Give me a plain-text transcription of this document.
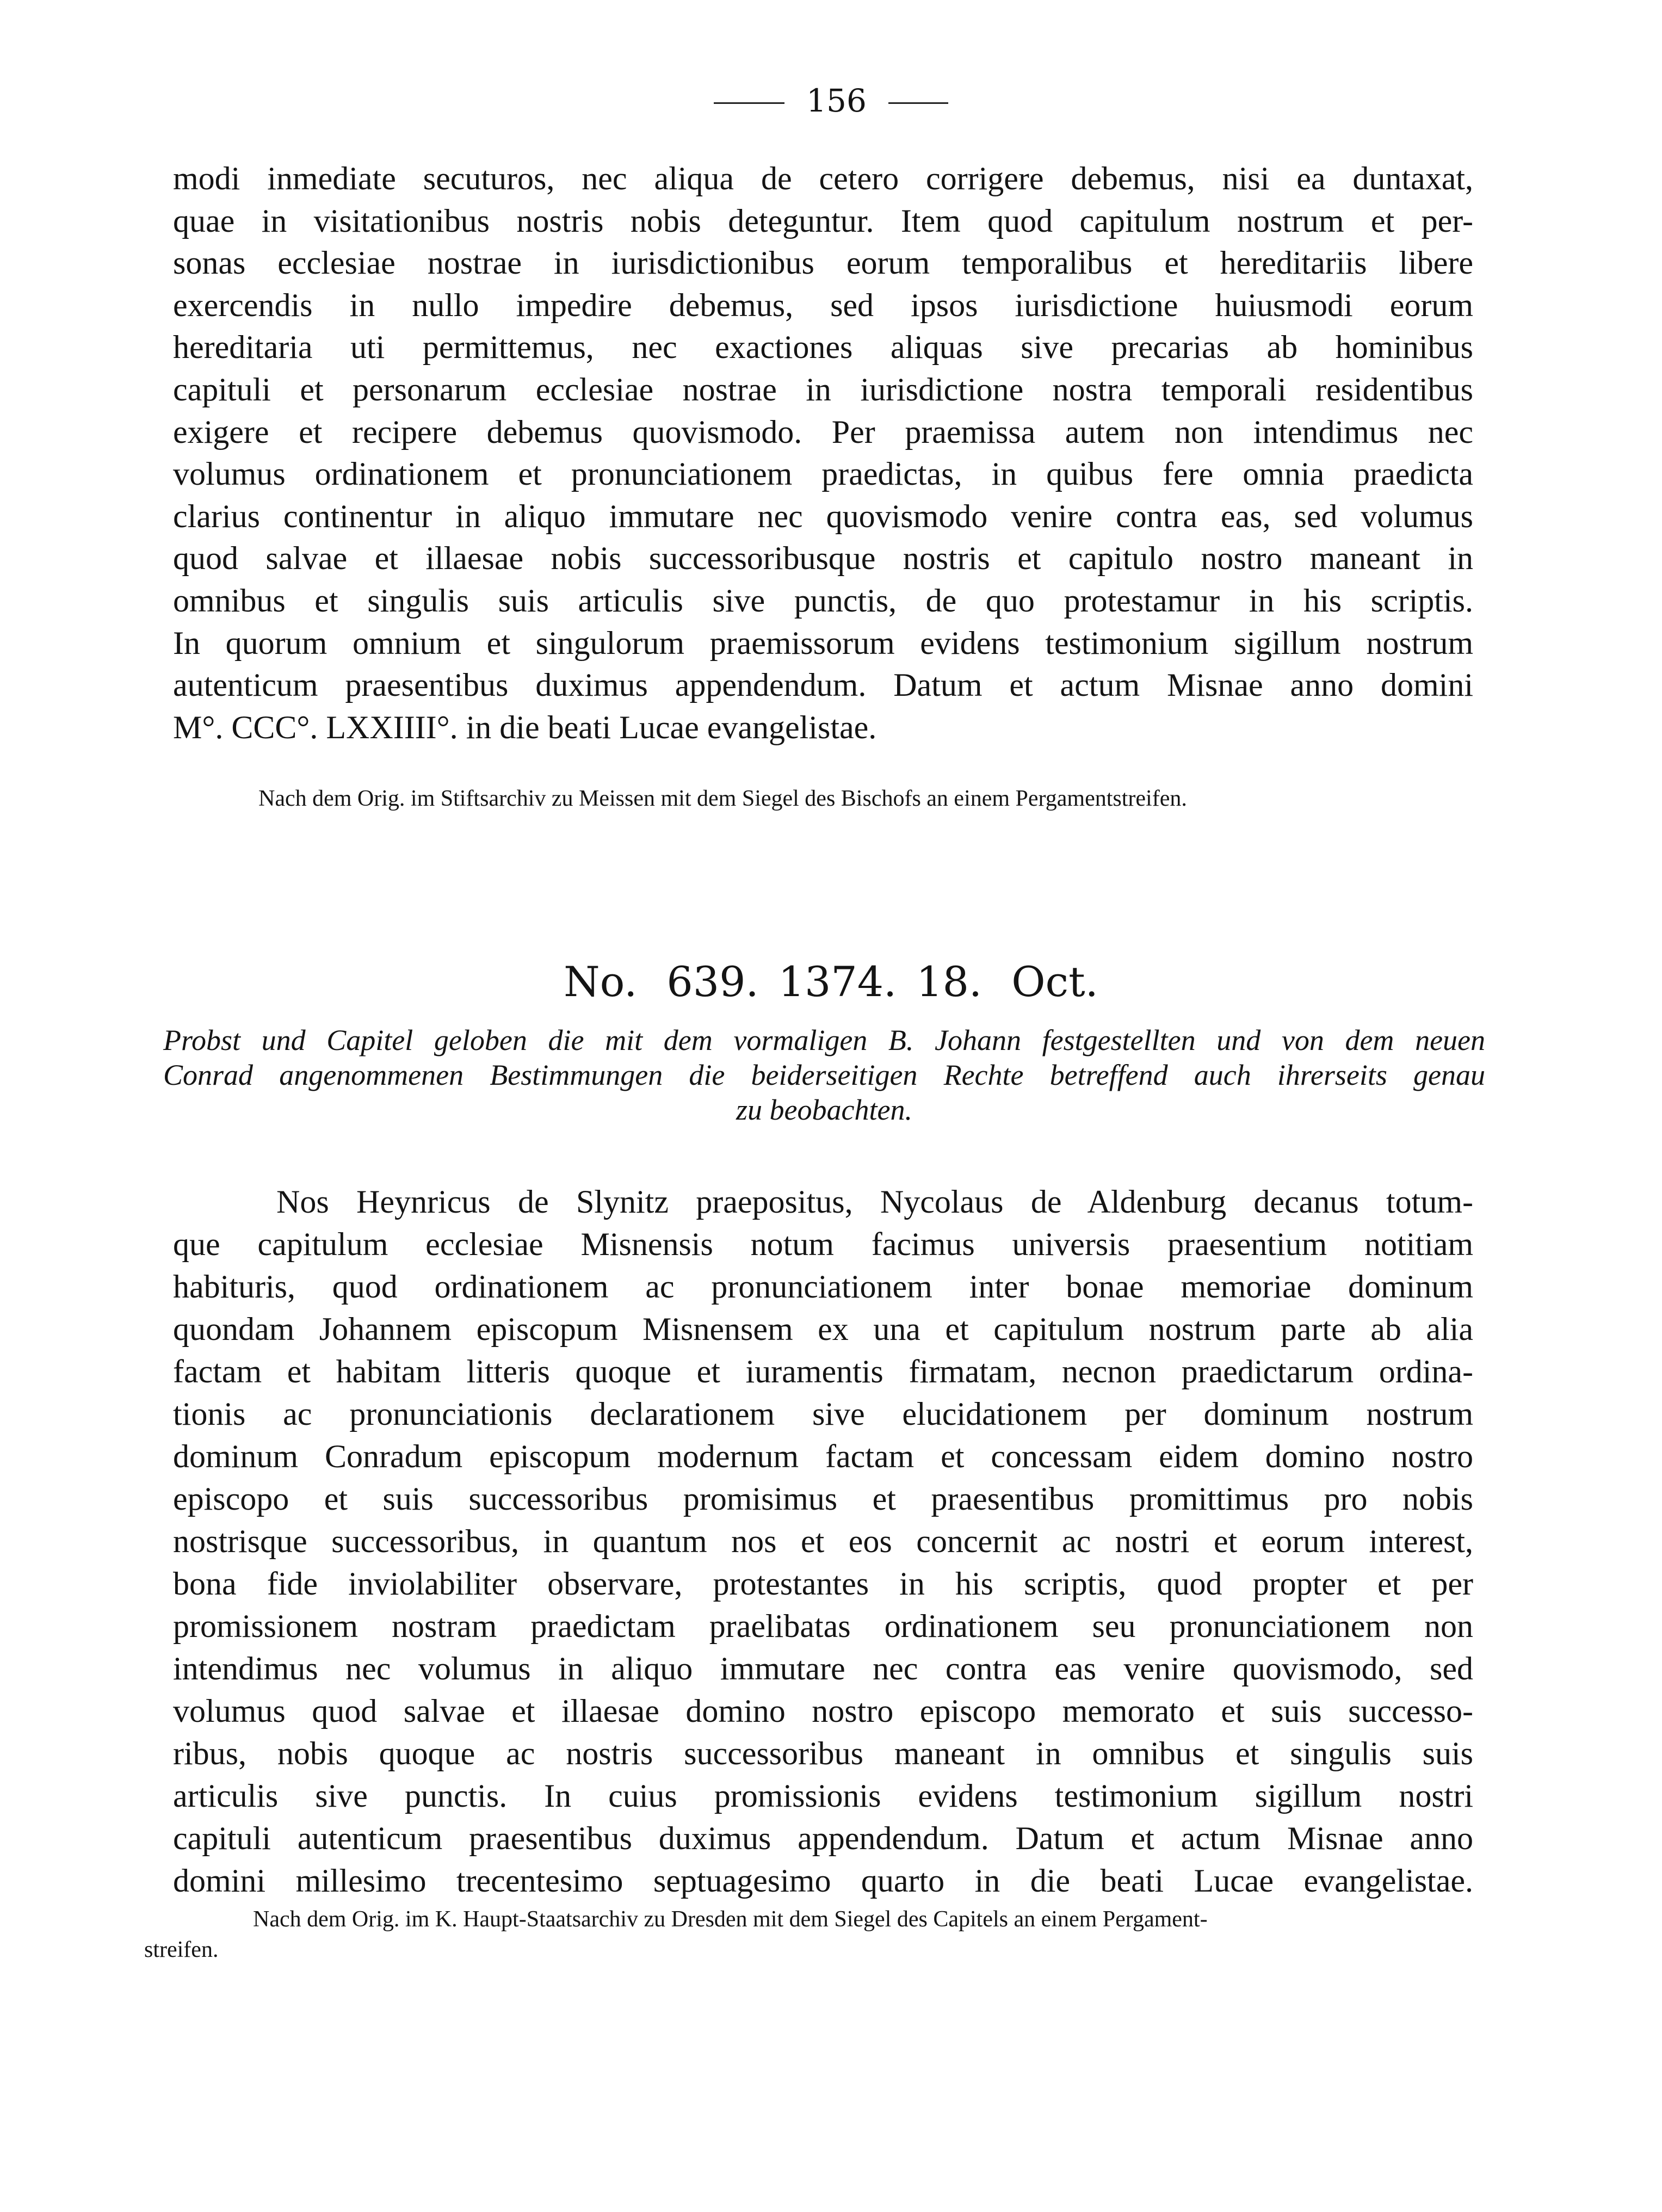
156
modi inmediate secuturos, nec aliqua de cetero corrigere debemus, nisi ea duntaxat,
quae in visitationibus nostris nobis deteguntur. Item quod capitulum nostrum et per-
sonas ecclesiae nostrae in iurisdictionibus eorum temporalibus et hereditariis libere
exercendis in nullo impedire debemus, sed ipsos iurisdictione huiusmodi eorum
hereditaria uti permittemus, nec exactiones aliquas sive precarias ab hominibus
capituli et personarum ecclesiae nostrae in iurisdictione nostra temporali residentibus
exigere et recipere debemus quovismodo. Per praemissa autem non intendimus nec
volumus ordinationem et pronunciationem praedictas, in quibus fere omnia praedicta
clarius continentur in aliquo immutare nec quovismodo venire contra eas, sed volumus
quod salvae et illaesae nobis successoribusque nostris et capitulo nostro maneant in
omnibus et singulis suis articulis sive punctis, de quo protestamur in his scriptis.
In quorum omnium et singulorum praemissorum evidens testimonium sigillum nostrum
autenticum praesentibus duximus appendendum. Datum et actum Misnae anno domini
M°. CCC°. LXXIIII°. in die beati Lucae evangelistae.
Nach dem Orig. im Stiftsarchiv zu Meissen mit dem Siegel des Bischofs an einem Pergamentstreifen.
No. 639. 1374. 18. Oct.
Probst und Capitel geloben die mit dem vormaligen B. Johann festgestellten und von dem neuen
Conrad angenommenen Bestimmungen die beiderseitigen Rechte betreffend auch ihrerseits genau
zu beobachten.
Nos Heynricus de Slynitz praepositus, Nycolaus de Aldenburg decanus totum-
que capitulum ecclesiae Misnensis notum facimus universis praesentium notitiam
habituris, quod ordinationem ac pronunciationem inter bonae memoriae dominum
quondam Johannem episcopum Misnensem ex una et capitulum nostrum parte ab alia
factam et habitam litteris quoque et iuramentis firmatam, necnon praedictarum ordina-
tionis ac pronunciationis declarationem sive elucidationem per dominum nostrum
dominum Conradum episcopum modernum factam et concessam eidem domino nostro
episcopo et suis successoribus promisimus et praesentibus promittimus pro nobis
nostrisque successoribus, in quantum nos et eos concernit ac nostri et eorum interest,
bona fide inviolabiliter observare, protestantes in his scriptis, quod propter et per
promissionem nostram praedictam praelibatas ordinationem seu pronunciationem non
intendimus nec volumus in aliquo immutare nec contra eas venire quovismodo, sed
volumus quod salvae et illaesae domino nostro episcopo memorato et suis successo-
ribus, nobis quoque ac nostris successoribus maneant in omnibus et singulis suis
articulis sive punctis. In cuius promissionis evidens testimonium sigillum nostri
capituli autenticum praesentibus duximus appendendum. Datum et actum Misnae anno
domini millesimo trecentesimo septuagesimo quarto in die beati Lucae evangelistae.
Nach dem Orig. im K. Haupt-Staatsarchiv zu Dresden mit dem Siegel des Capitels an einem Pergament-
streifen.
